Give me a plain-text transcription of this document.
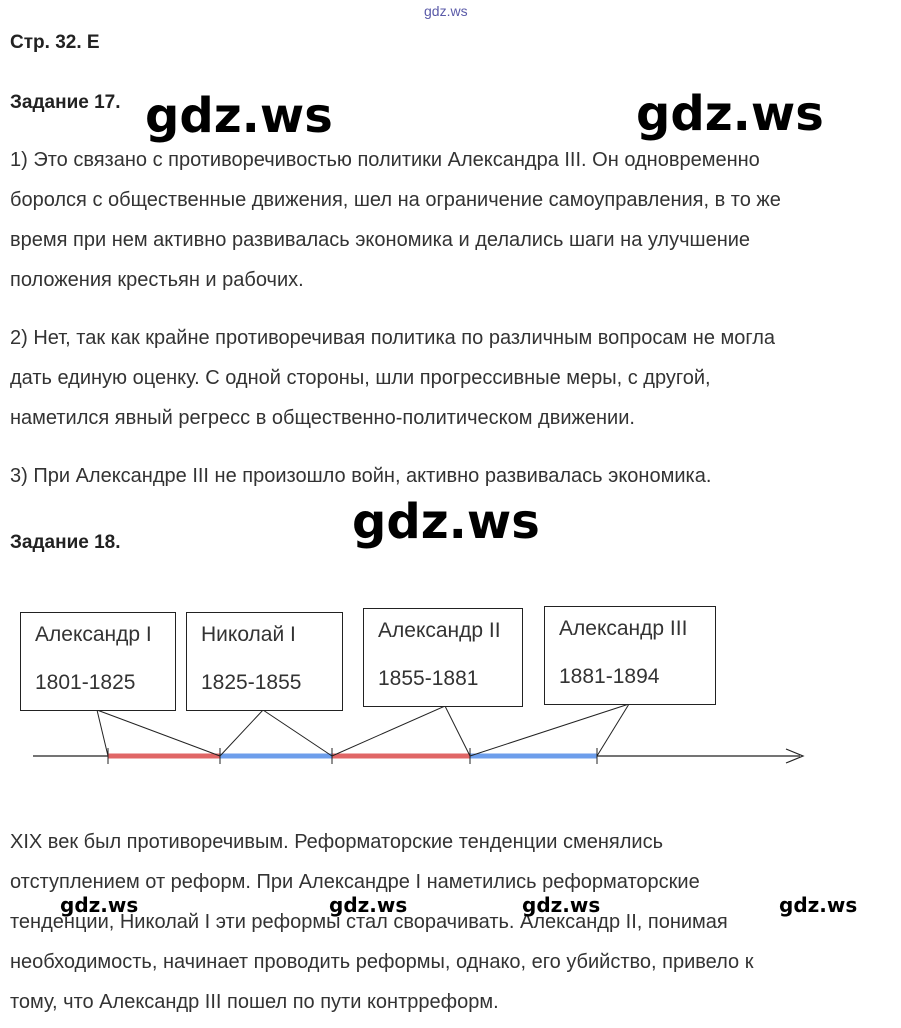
gdz.ws
Стр. 32. Е
Задание 17.
1) Это связано с противоречивостью политики Александра III. Он одновременно
боролся с общественные движения, шел на ограничение самоуправления, в то же
время при нем активно развивалась экономика и делались шаги на улучшение
положения крестьян и рабочих.
2) Нет, так как крайне противоречивая политика по различным вопросам не могла
дать единую оценку. С одной стороны, шли прогрессивные меры, с другой,
наметился явный регресс в общественно-политическом движении.
3) При Александре III не произошло войн, активно развивалась экономика.
Задание 18.
Александр I
1801-1825
Николай I
1825-1855
Александр II
1855-1881
Александр III
1881-1894
XIX век был противоречивым. Реформаторские тенденции сменялись
отступлением от реформ. При Александре I наметились реформаторские
тенденции, Николай I эти реформы стал сворачивать. Александр II, понимая
необходимость, начинает проводить реформы, однако, его убийство, привело к
тому, что Александр III пошел по пути контрреформ.
gdz.ws	gdz.ws
gdz.ws
gdz.ws	gdz.ws	gdz.ws	gdz.ws
